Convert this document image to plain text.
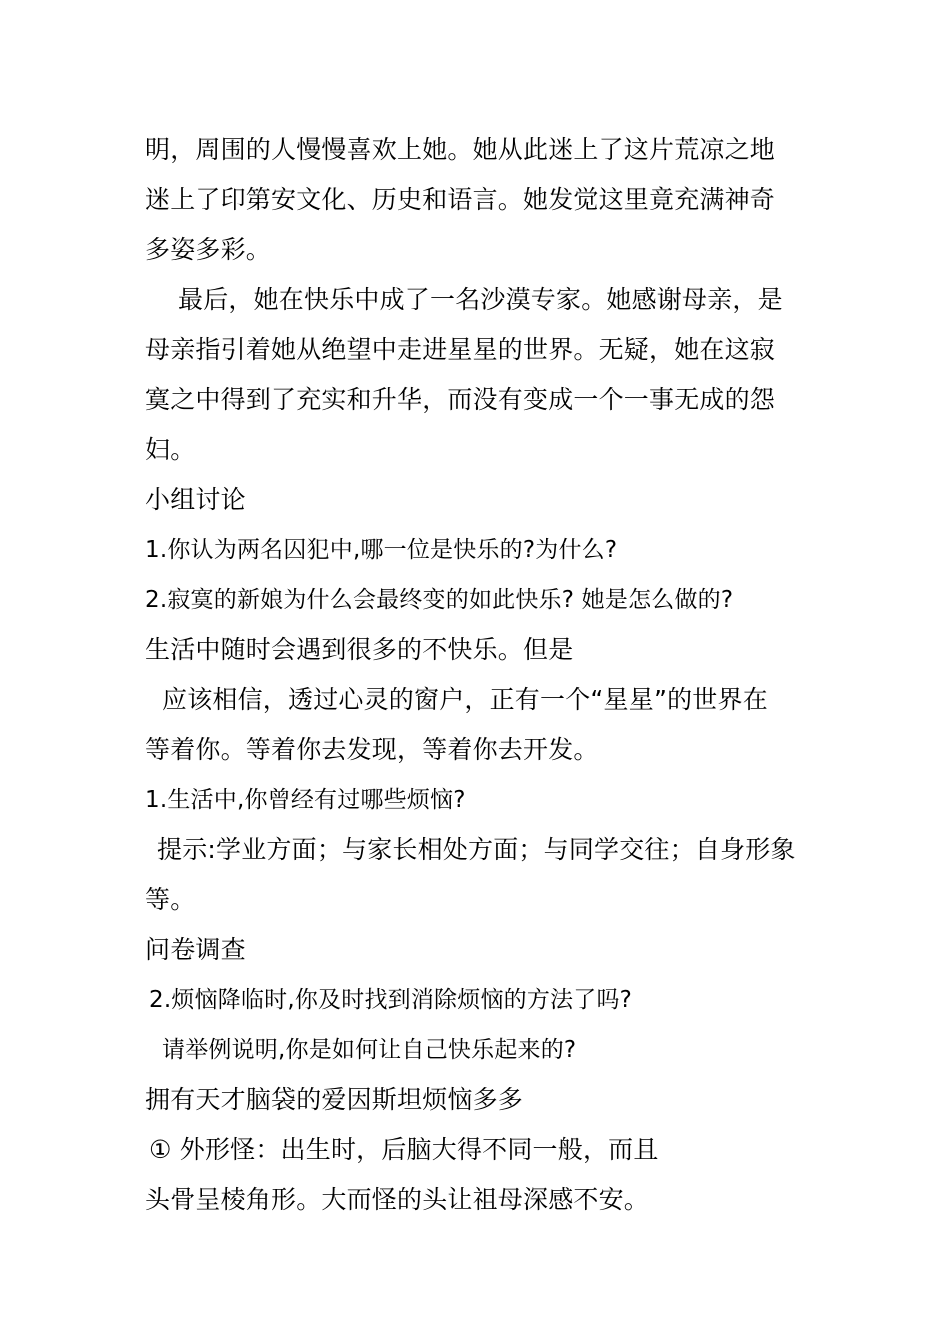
明，周围的人慢慢喜欢上她。她从此迷上了这片荒凉之地
迷上了印第安文化、历史和语言。她发觉这里竟充满神奇
多姿多彩。
最后，她在快乐中成了一名沙漠专家。她感谢母亲，是
母亲指引着她从绝望中走进星星的世界。无疑，她在这寂
寞之中得到了充实和升华，而没有变成一个一事无成的怨
妇。
小组讨论
1.你认为两名囚犯中,哪一位是快乐的?为什么?
2.寂寞的新娘为什么会最终变的如此快乐? 她是怎么做的?
生活中随时会遇到很多的不快乐。但是
应该相信，透过心灵的窗户，正有一个“星星”的世界在
等着你。等着你去发现，等着你去开发。
1.生活中,你曾经有过哪些烦恼?
提示:学业方面；与家长相处方面；与同学交往；自身形象
等。
问卷调查
2.烦恼降临时,你及时找到消除烦恼的方法了吗?
请举例说明,你是如何让自己快乐起来的?
拥有天才脑袋的爱因斯坦烦恼多多
① 外形怪：出生时，后脑大得不同一般，而且
头骨呈棱角形。大而怪的头让祖母深感不安。
